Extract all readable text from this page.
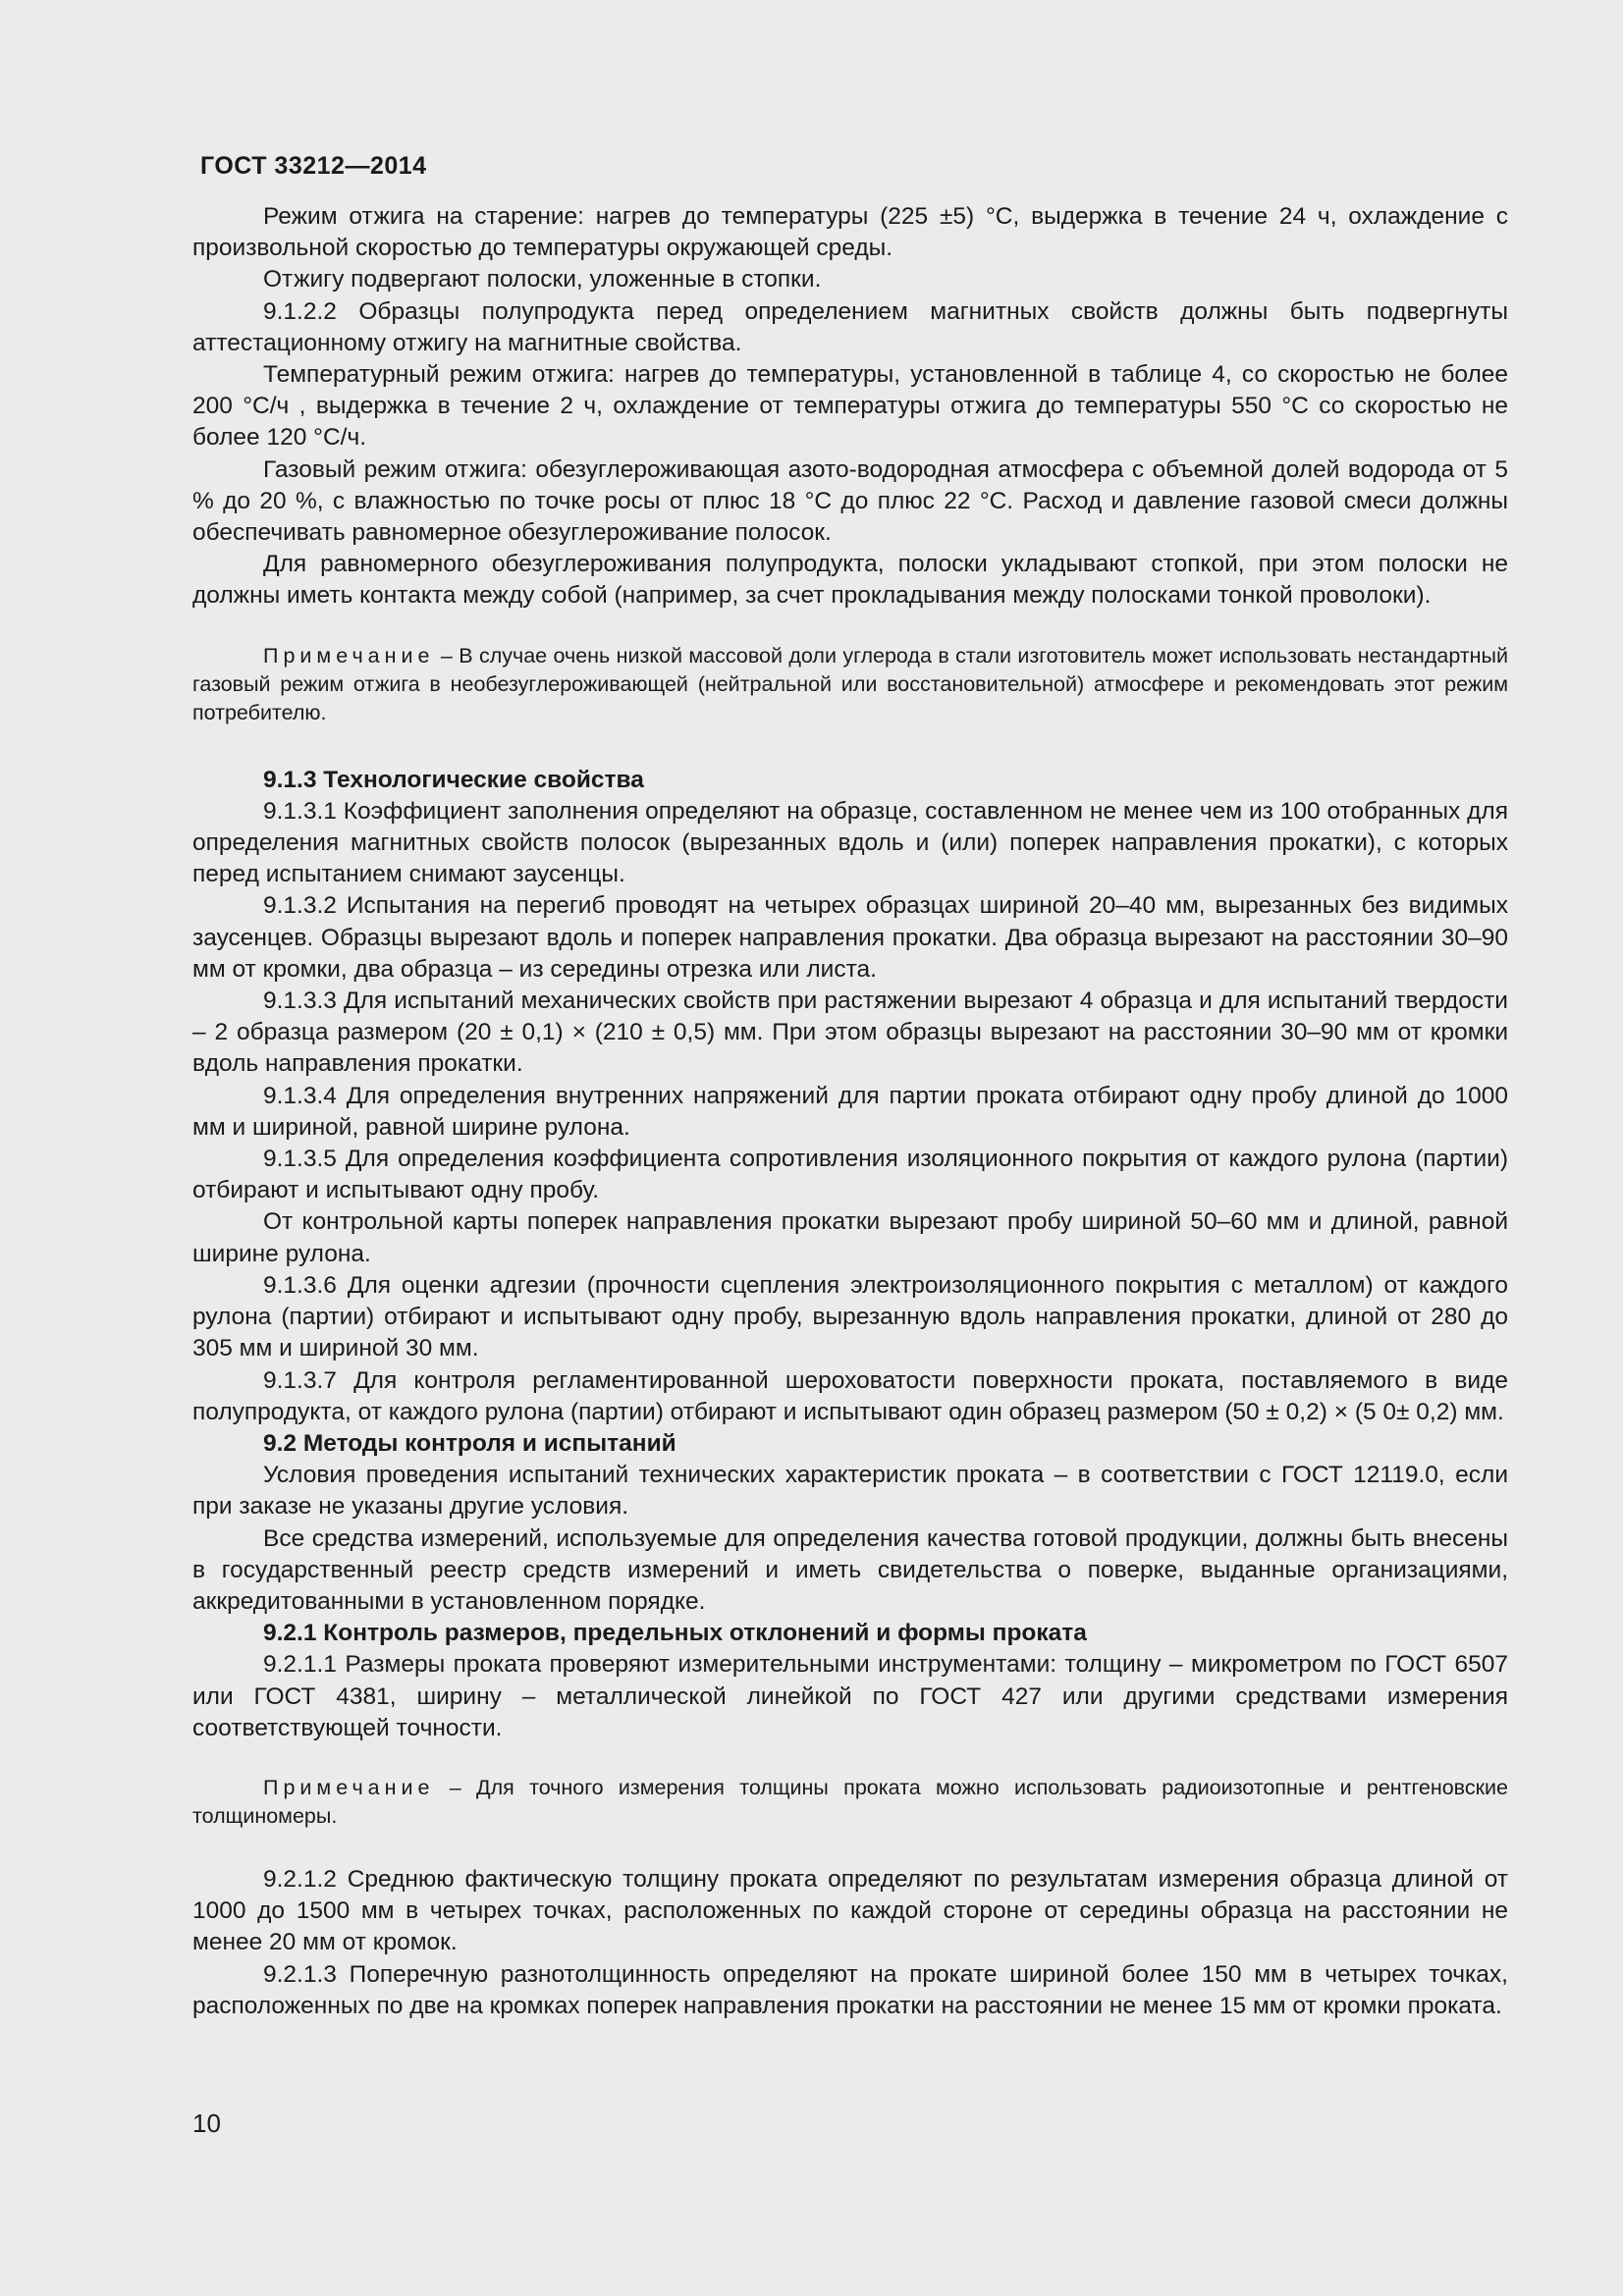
ГОСТ 33212—2014

Режим отжига на старение: нагрев до температуры (225 ±5) °С, выдержка в течение 24 ч, охлаждение с произвольной скоростью до температуры окружающей среды.

Отжигу подвергают полоски, уложенные в стопки.

9.1.2.2 Образцы полупродукта перед определением магнитных свойств должны быть подвергнуты аттестационному отжигу на магнитные свойства.

Температурный режим отжига: нагрев до температуры, установленной в таблице 4, со скоростью не более 200 °С/ч , выдержка в течение 2 ч, охлаждение от температуры отжига до температуры 550 °С со скоростью не более 120 °С/ч.

Газовый режим отжига: обезуглероживающая азото-водородная атмосфера с объемной долей водорода от 5 % до 20 %, с влажностью по точке росы от плюс 18 °С до плюс 22 °С. Расход и давление газовой смеси должны обеспечивать равномерное обезуглероживание полосок.

Для равномерного обезуглероживания полупродукта, полоски укладывают стопкой, при этом полоски не должны иметь контакта между собой (например, за счет прокладывания между полосками тонкой проволоки).

Примечание – В случае очень низкой массовой доли углерода в стали изготовитель может использовать нестандартный газовый режим отжига в необезуглероживающей (нейтральной или восстановительной) атмосфере и рекомендовать этот режим потребителю.

9.1.3 Технологические свойства

9.1.3.1 Коэффициент заполнения определяют на образце, составленном не менее чем из 100 отобранных для определения магнитных свойств полосок (вырезанных вдоль и (или) поперек направления прокатки), с которых перед испытанием снимают заусенцы.

9.1.3.2 Испытания на перегиб проводят на четырех образцах шириной 20–40 мм, вырезанных без видимых заусенцев. Образцы вырезают вдоль и поперек направления прокатки. Два образца вырезают на расстоянии 30–90 мм от кромки, два образца – из середины отрезка или листа.

9.1.3.3 Для испытаний механических свойств при растяжении вырезают 4 образца и для испытаний твердости – 2 образца размером (20 ± 0,1) × (210 ± 0,5) мм. При этом образцы вырезают на расстоянии 30–90 мм от кромки вдоль направления прокатки.

9.1.3.4 Для определения внутренних напряжений для партии проката отбирают одну пробу длиной до 1000 мм и шириной, равной ширине рулона.

9.1.3.5 Для определения коэффициента сопротивления изоляционного покрытия от каждого рулона (партии) отбирают и испытывают одну пробу.

От контрольной карты поперек направления прокатки вырезают пробу шириной 50–60 мм и длиной, равной ширине рулона.

9.1.3.6 Для оценки адгезии (прочности сцепления электроизоляционного покрытия с металлом) от каждого рулона (партии) отбирают и испытывают одну пробу, вырезанную вдоль направления прокатки, длиной от 280 до 305 мм и шириной 30 мм.

9.1.3.7 Для контроля регламентированной шероховатости поверхности проката, поставляемого в виде полупродукта, от каждого рулона (партии) отбирают и испытывают один образец размером (50 ± 0,2) × (5 0± 0,2) мм.

9.2 Методы контроля и испытаний

Условия проведения испытаний технических характеристик проката – в соответствии с ГОСТ 12119.0, если при заказе не указаны другие условия.

Все средства измерений, используемые для определения качества готовой продукции, должны быть внесены в государственный реестр средств измерений и иметь свидетельства о поверке, выданные организациями, аккредитованными в установленном порядке.

9.2.1 Контроль размеров, предельных отклонений и формы проката

9.2.1.1 Размеры проката проверяют измерительными инструментами: толщину – микрометром по ГОСТ 6507 или ГОСТ 4381, ширину – металлической линейкой по ГОСТ 427 или другими средствами измерения соответствующей точности.

Примечание – Для точного измерения толщины проката можно использовать радиоизотопные и рентгеновские толщиномеры.

9.2.1.2 Среднюю фактическую толщину проката определяют по результатам измерения образца длиной от 1000 до 1500 мм в четырех точках, расположенных по каждой стороне от середины образца на расстоянии не менее 20 мм от кромок.

9.2.1.3 Поперечную разнотолщинность определяют на прокате шириной более 150 мм в четырех точках, расположенных по две на кромках поперек направления прокатки на расстоянии не менее 15 мм от кромки проката.

10
